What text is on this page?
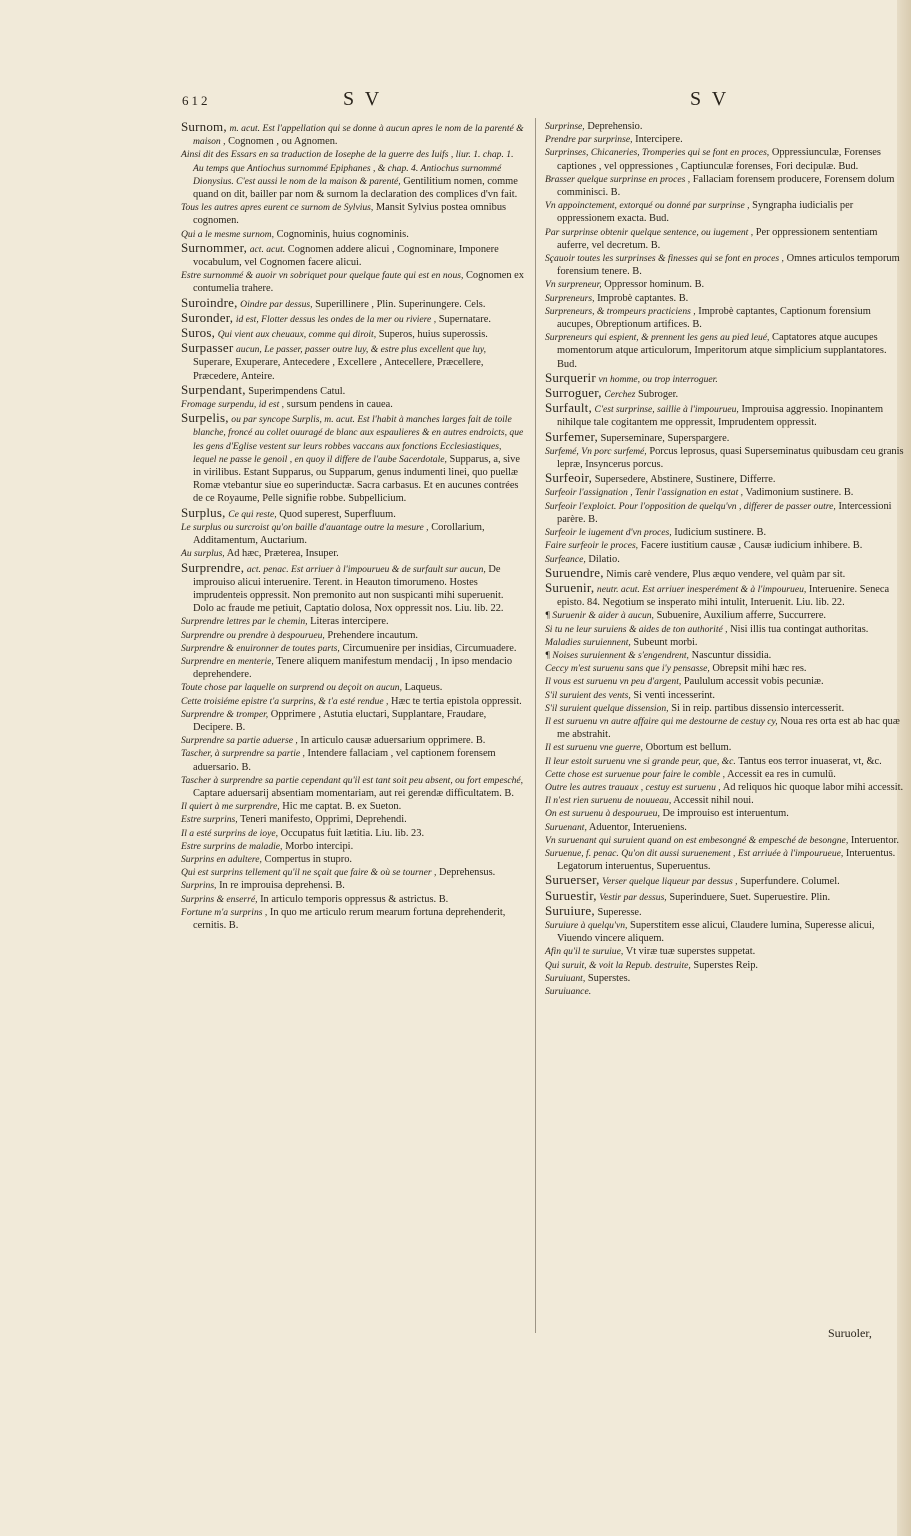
612	S V	S V

Surnom, m. acut. Est l'appellation qui se donne à aucun apres le nom de la parenté & maison , Cognomen , ou Agnomen.

Ainsi dit des Essars en sa traduction de Iosephe de la guerre des Iuifs , liur. 1. chap. 1. Au temps que Antiochus surnommé Epiphanes , & chap. 4. Antiochus surnommé Dionysius. C'est aussi le nom de la maison & parenté, Gentilitium nomen, comme quand on dit, bailler par nom & surnom la declaration des complices d'vn fait.

Tous les autres apres eurent ce surnom de Sylvius, Mansit Sylvius postea omnibus cognomen.

Qui a le mesme surnom, Cognominis, huius cognominis.

Surnommer, act. acut. Cognomen addere alicui , Cognominare, Imponere vocabulum, vel Cognomen facere alicui.

Estre surnommé & auoir vn sobriquet pour quelque faute qui est en nous, Cognomen ex contumelia trahere.

Suroindre, Oindre par dessus, Superillinere , Plin. Superinungere. Cels.

Suronder, id est, Flotter dessus les ondes de la mer ou riviere , Supernatare.

Suros, Qui vient aux cheuaux, comme qui diroit, Superos, huius superossis.

Surpasser aucun, Le passer, passer outre luy, & estre plus excellent que luy, Superare, Exuperare, Antecedere , Excellere , Antecellere, Præcellere, Præcedere, Anteire.

Surpendant, Superimpendens Catul.

Fromage surpendu, id est , sursum pendens in cauea.

Surpelis, ou par syncope Surplis, m. acut. Est l'habit à manches larges fait de toile blanche, froncé au collet ouuragé de blanc aux espaulieres & en autres endroicts, que les gens d'Eglise vestent sur leurs robbes vaccans aux fonctions Ecclesiastiques, lequel ne passe le genoil , en quoy il differe de l'aube Sacerdotale, Supparus, a, sive in virilibus. Estant Supparus, ou Supparum, genus indumenti linei, quo puellæ Romæ vtebantur siue eo superinductæ. Sacra carbasus. Et en aucunes contrées de ce Royaume, Pelle signifie robbe. Subpellicium.

Surplus, Ce qui reste, Quod superest, Superfluum.

Le surplus ou surcroist qu'on baille d'auantage outre la mesure , Corollarium, Additamentum, Auctarium.

Au surplus, Ad hæc, Præterea, Insuper.

Surprendre, act. penac. Est arriuer à l'impourueu & de surfault sur aucun, De improuiso alicui interuenire. Terent. in Heauton timorumeno. Hostes imprudenteis oppressit. Non premonito aut non suspicanti mihi superuenit. Dolo ac fraude me petiuit, Captatio dolosa, Nox oppressit nos. Liu. lib. 22.

Surprendre lettres par le chemin, Literas intercipere.

Surprendre ou prendre à despourueu, Prehendere incautum.

Surprendre & enuironner de toutes parts, Circumuenire per insidias, Circumuadere.

Surprendre en menterie, Tenere aliquem manifestum mendacij , In ipso mendacio deprehendere.

Toute chose par laquelle on surprend ou deçoit on aucun, Laqueus.

Cette troisiéme epistre t'a surprins, & t'a esté rendue , Hæc te tertia epistola oppressit.

Surprendre & tromper, Opprimere , Astutia eluctari, Supplantare, Fraudare, Decipere. B.

Surprendre sa partie aduerse , In articulo causæ aduersarium opprimere. B.

Tascher, à surprendre sa partie , Intendere fallaciam , vel captionem forensem aduersario. B.

Tascher à surprendre sa partie cependant qu'il est tant soit peu absent, ou fort empesché, Captare aduersarij absentiam momentariam, aut rei gerendæ difficultatem. B.

Il quiert à me surprendre, Hic me captat. B. ex Sueton.

Estre surprins, Teneri manifesto, Opprimi, Deprehendi.

Il a esté surprins de ioye, Occupatus fuit lætitia. Liu. lib. 23.

Estre surprins de maladie, Morbo intercipi.

Surprins en adultere, Compertus in stupro.

Qui est surprins tellement qu'il ne sçait que faire & où se tourner , Deprehensus.

Surprins, In re improuisa deprehensi. B.

Surprins & enserré, In articulo temporis oppressus & astrictus. B.

Fortune m'a surprins , In quo me articulo rerum mearum fortuna deprehenderit, cernitis. B.

Surprinse, Deprehensio.

Prendre par surprinse, Intercipere.

Surprinses, Chicaneries, Tromperies qui se font en proces, Oppressiunculæ, Forenses captiones , vel oppressiones , Captiunculæ forenses, Fori decipulæ. Bud.

Brasser quelque surprinse en proces , Fallaciam forensem producere, Forensem dolum comminisci. B.

Vn appoinctement, extorqué ou donné par surprinse , Syngrapha iudicialis per oppressionem exacta. Bud.

Par surprinse obtenir quelque sentence, ou iugement , Per oppressionem sententiam auferre, vel decretum. B.

Sçauoir toutes les surprinses & finesses qui se font en proces , Omnes articulos temporum forensium tenere. B.

Vn surpreneur, Oppressor hominum. B.

Surpreneurs, Improbè captantes. B.

Surpreneurs, & trompeurs practiciens , Improbè captantes, Captionum forensium aucupes, Obreptionum artifices. B.

Surpreneurs qui espient, & prennent les gens au pied leué, Captatores atque aucupes momentorum atque articulorum, Imperitorum atque simplicium supplantatores. Bud.

Surquerir vn homme, ou trop interroguer.

Surroguer, Cerchez Subroger.

Surfault, C'est surprinse, saillie à l'impourueu, Improuisa aggressio. Inopinantem nihilque tale cogitantem me oppressit, Imprudentem oppressit.

Surfemer, Superseminare, Superspargere.

Surfemé, Vn porc surfemé, Porcus leprosus, quasi Superseminatus quibusdam ceu granis lepræ, Insyncerus porcus.

Surfeoir, Supersedere, Abstinere, Sustinere, Differre.

Surfeoir l'assignation , Tenir l'assignation en estat , Vadimonium sustinere. B.

Surfeoir l'exploict. Pour l'opposition de quelqu'vn , differer de passer outre, Intercessioni parère. B.

Surfeoir le iugement d'vn proces, Iudicium sustinere. B.

Faire surfeoir le proces, Facere iustitium causæ , Causæ iudicium inhibere. B.

Surfeance, Dilatio.

Suruendre, Nimis carè vendere, Plus æquo vendere, vel quàm par sit.

Suruenir, neutr. acut. Est arriuer inesperément & à l'impourueu, Interuenire. Seneca episto. 84. Negotium se insperato mihi intulit, Interuenit. Liu. lib. 22.

¶ Suruenir & aider à aucun, Subuenire, Auxilium afferre, Succurrere.

Si tu ne leur suruiens & aides de ton authorité , Nisi illis tua contingat authoritas.

Maladies suruiennent, Subeunt morbi.

¶ Noises suruiennent & s'engendrent, Nascuntur dissidia.

Ceccy m'est suruenu sans que i'y pensasse, Obrepsit mihi hæc res.

Il vous est suruenu vn peu d'argent, Paululum accessit vobis pecuniæ.

S'il suruient des vents, Si venti incesserint.

S'il suruient quelque dissension, Si in reip. partibus dissensio intercesserit.

Il est suruenu vn autre affaire qui me destourne de cestuy cy, Noua res orta est ab hac quæ me abstrahit.

Il est suruenu vne guerre, Obortum est bellum.

Il leur estoit suruenu vne si grande peur, que, &c. Tantus eos terror inuaserat, vt, &c.

Cette chose est suruenue pour faire le comble , Accessit ea res in cumulū.

Outre les autres trauaux , cestuy est suruenu , Ad reliquos hic quoque labor mihi accessit.

Il n'est rien suruenu de nouueau, Accessit nihil noui.

On est suruenu à despourueu, De improuiso est interuentum.

Suruenant, Aduentor, Interueniens.

Vn suruenant qui suruient quand on est embesongné & empesché de besongne, Interuentor.

Suruenue, f. penac. Qu'on dit aussi suruenement , Est arriuée à l'impourueue, Interuentus. Legatorum interuentus, Superuentus.

Suruerser, Verser quelque liqueur par dessus , Superfundere. Columel.

Suruestir, Vestir par dessus, Superinduere, Suet. Superuestire. Plin.

Suruiure, Superesse.

Suruiure à quelqu'vn, Superstitem esse alicui, Claudere lumina, Superesse alicui, Viuendo vincere aliquem.

Afin qu'il te suruiue, Vt viræ tuæ superstes suppetat.

Qui suruit, & voit la Repub. destruite, Superstes Reip.

Suruiuant, Superstes.

Suruiuance.

Suruoler,
